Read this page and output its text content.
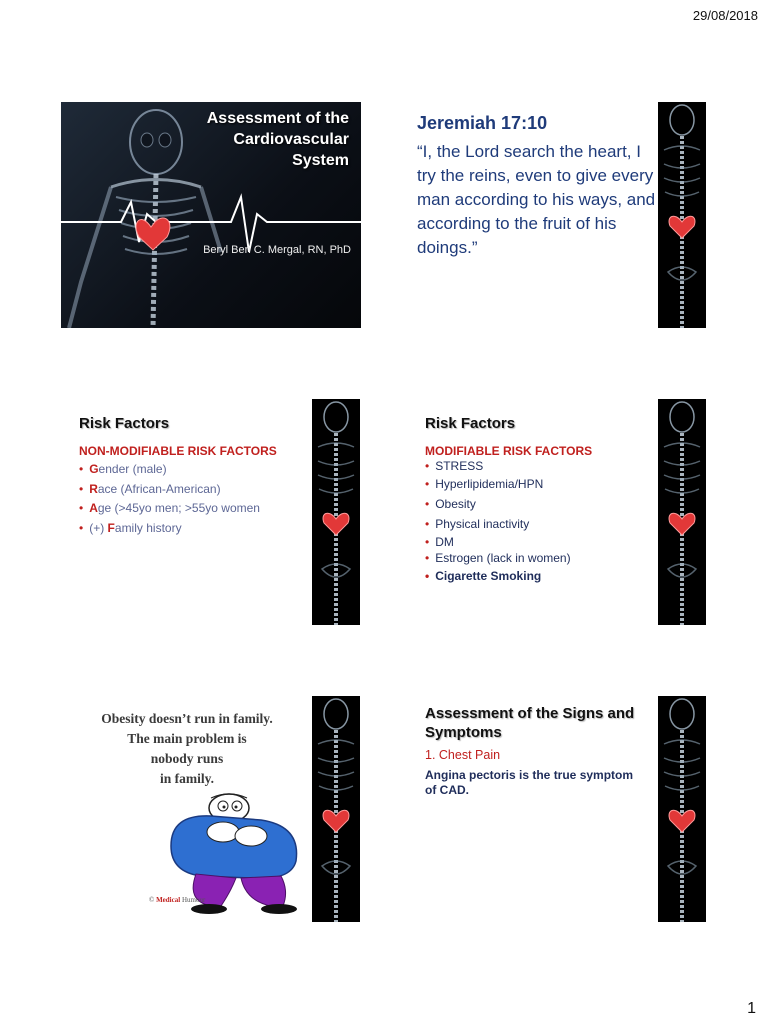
29/08/2018
Assessment of the
Cardiovascular
System
Beryl Ben C. Mergal, RN, PhD
Jeremiah 17:10
“I, the Lord search the heart, I try the reins, even to give every man according to his ways, and according to the fruit of his doings.”
Risk Factors
NON-MODIFIABLE RISK FACTORS
• Gender (male)
• Race (African-American)
• Age (>45yo men; >55yo women
• (+) Family history
Risk Factors
MODIFIABLE RISK FACTORS
• STRESS
• Hyperlipidemia/HPN
• Obesity
• Physical inactivity
• DM
• Estrogen (lack in women)
• Cigarette Smoking
Obesity doesn’t run in family.
The main problem is
nobody runs
in family.
© Medical Humour
Assessment of the Signs and Symptoms
1. Chest Pain
Angina pectoris is the true symptom of CAD.
1
